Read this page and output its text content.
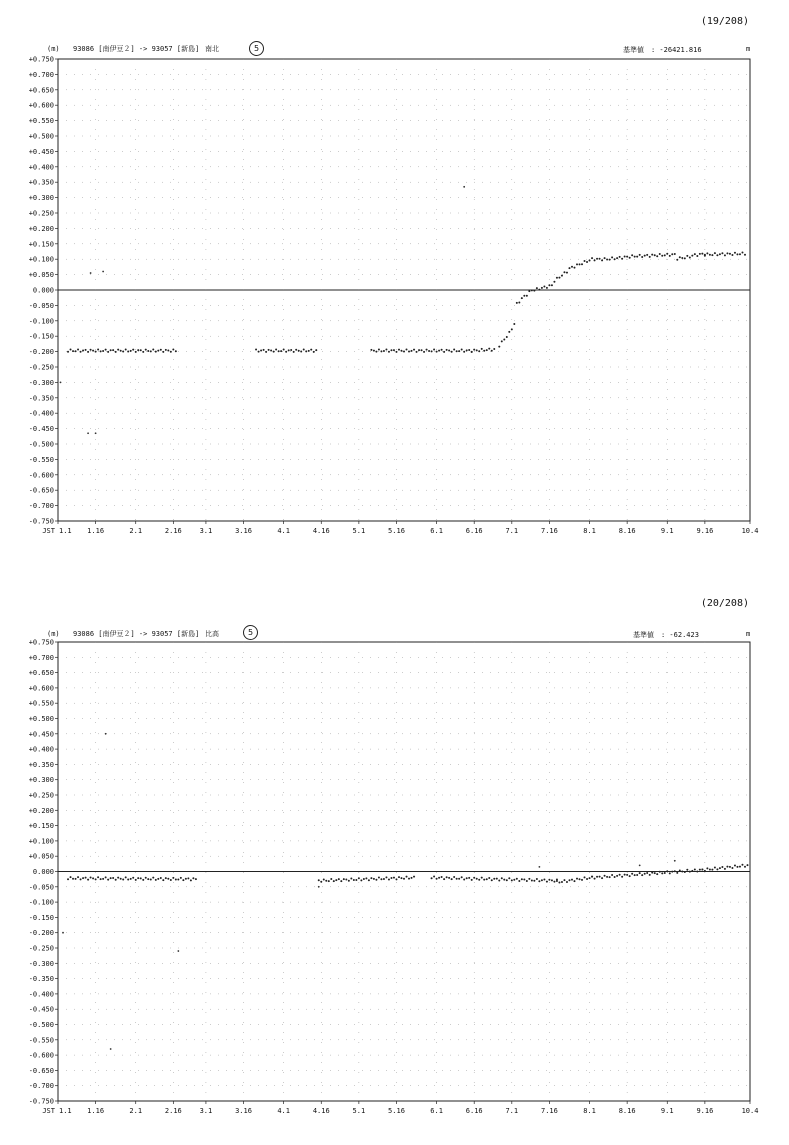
(19/208)
(m) 93086 [南伊豆２] -> 93057 [新島] 南北	5	基準値　: -26421.816	m
+0.750
+0.700
+0.650
+0.600
+0.550
+0.500
+0.450
+0.400
+0.350
+0.300
+0.250
+0.200
+0.150
+0.100
+0.050
0.000
-0.050
-0.100
-0.150
-0.200
-0.250
-0.300
-0.350
-0.400
-0.450
-0.500
-0.550
-0.600
-0.650
-0.700
-0.750
1.1 1.16	2.1	2.16	3.1	3.16	4.1	4.16	5.1	5.16	6.1	6.16	7.1	7.16	8.1	8.16	9.1	9.16	10.4
JST
(20/208)
(m) 93086 [南伊豆２] -> 93057 [新島] 比高	5	基準値　: -62.423	m
+0.750
+0.700
+0.650
+0.600
+0.550
+0.500
+0.450
+0.400
+0.350
+0.300
+0.250
+0.200
+0.150
+0.100
+0.050
0.000
-0.050
-0.100
-0.150
-0.200
-0.250
-0.300
-0.350
-0.400
-0.450
-0.500
-0.550
-0.600
-0.650
-0.700
-0.750
1.1 1.16	2.1	2.16	3.1	3.16	4.1	4.16	5.1	5.16	6.1	6.16	7.1	7.16	8.1	8.16	9.1	9.16	10.4
JST
